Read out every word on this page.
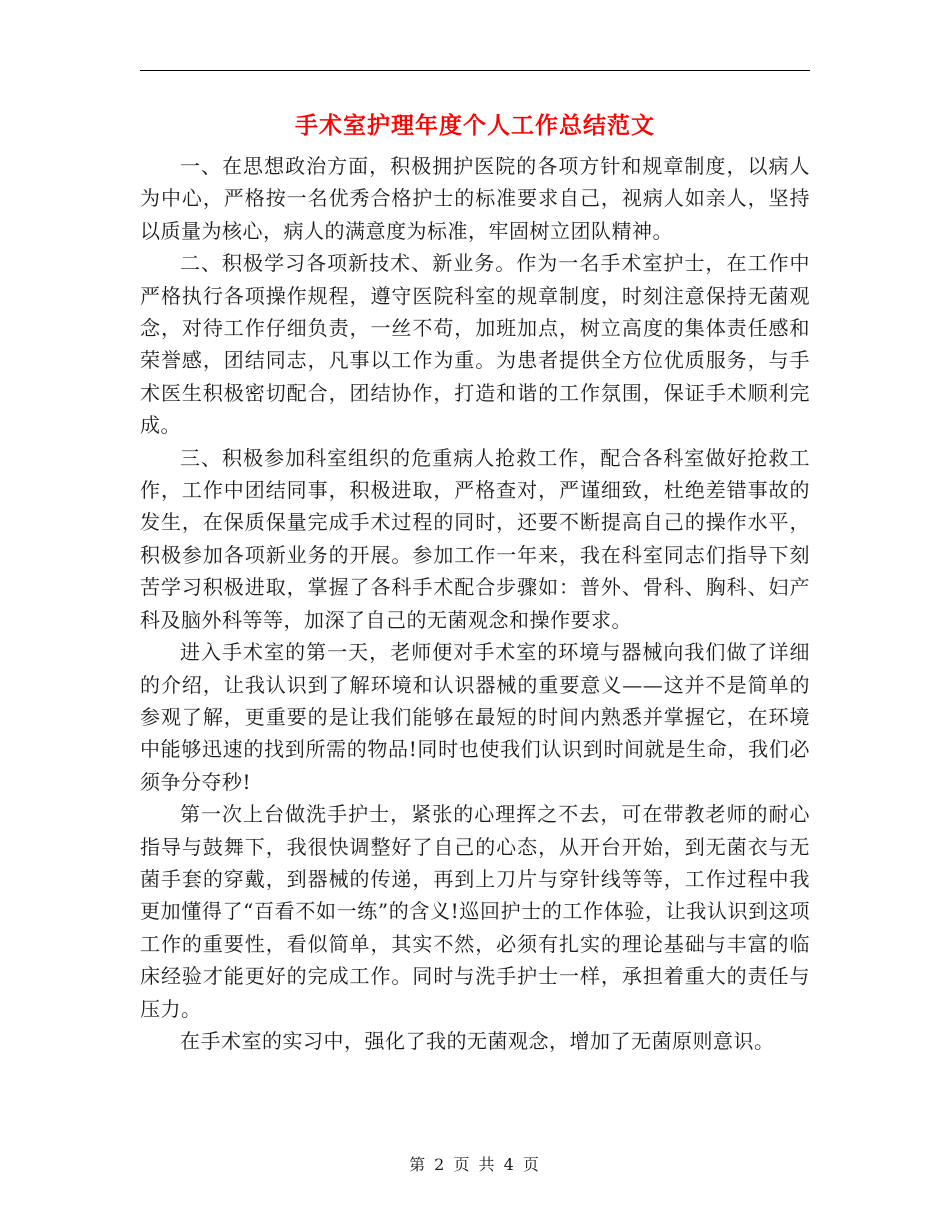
手术室护理年度个人工作总结范文

一、在思想政治方面，积极拥护医院的各项方针和规章制度，以病人为中心，严格按一名优秀合格护士的标准要求自己，视病人如亲人，坚持以质量为核心，病人的满意度为标准，牢固树立团队精神。

二、积极学习各项新技术、新业务。作为一名手术室护士，在工作中严格执行各项操作规程，遵守医院科室的规章制度，时刻注意保持无菌观念，对待工作仔细负责，一丝不苟，加班加点，树立高度的集体责任感和荣誉感，团结同志，凡事以工作为重。为患者提供全方位优质服务，与手术医生积极密切配合，团结协作，打造和谐的工作氛围，保证手术顺利完成。

三、积极参加科室组织的危重病人抢救工作，配合各科室做好抢救工作，工作中团结同事，积极进取，严格查对，严谨细致，杜绝差错事故的发生，在保质保量完成手术过程的同时，还要不断提高自己的操作水平，积极参加各项新业务的开展。参加工作一年来，我在科室同志们指导下刻苦学习积极进取，掌握了各科手术配合步骤如：普外、骨科、胸科、妇产科及脑外科等等，加深了自己的无菌观念和操作要求。

进入手术室的第一天，老师便对手术室的环境与器械向我们做了详细的介绍，让我认识到了解环境和认识器械的重要意义——这并不是简单的参观了解，更重要的是让我们能够在最短的时间内熟悉并掌握它，在环境中能够迅速的找到所需的物品!同时也使我们认识到时间就是生命，我们必须争分夺秒!

第一次上台做洗手护士，紧张的心理挥之不去，可在带教老师的耐心指导与鼓舞下，我很快调整好了自己的心态，从开台开始，到无菌衣与无菌手套的穿戴，到器械的传递，再到上刀片与穿针线等等，工作过程中我更加懂得了“百看不如一练”的含义!巡回护士的工作体验，让我认识到这项工作的重要性，看似简单，其实不然，必须有扎实的理论基础与丰富的临床经验才能更好的完成工作。同时与洗手护士一样，承担着重大的责任与压力。

在手术室的实习中，强化了我的无菌观念，增加了无菌原则意识。

第 2 页 共 4 页
